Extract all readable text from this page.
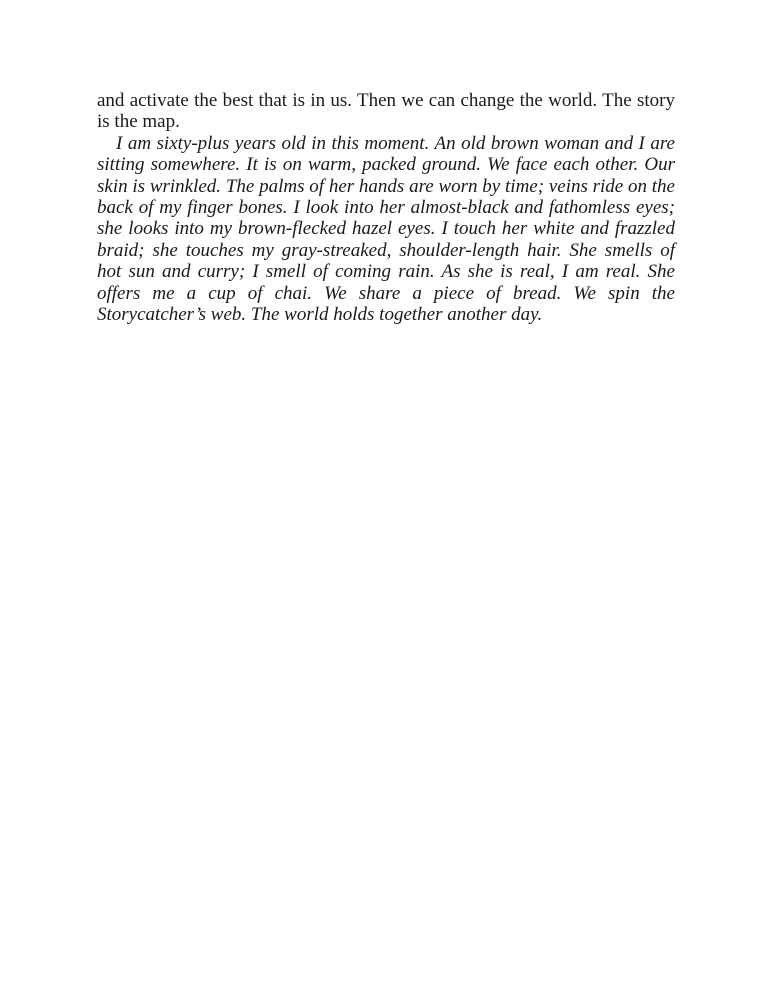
and activate the best that is in us. Then we can change the world. The story is the map.

I am sixty-plus years old in this moment. An old brown woman and I are sitting somewhere. It is on warm, packed ground. We face each other. Our skin is wrinkled. The palms of her hands are worn by time; veins ride on the back of my finger bones. I look into her almost-black and fathomless eyes; she looks into my brown-flecked hazel eyes. I touch her white and frazzled braid; she touches my gray-streaked, shoulder-length hair. She smells of hot sun and curry; I smell of coming rain. As she is real, I am real. She offers me a cup of chai. We share a piece of bread. We spin the Storycatcher’s web. The world holds together another day.
